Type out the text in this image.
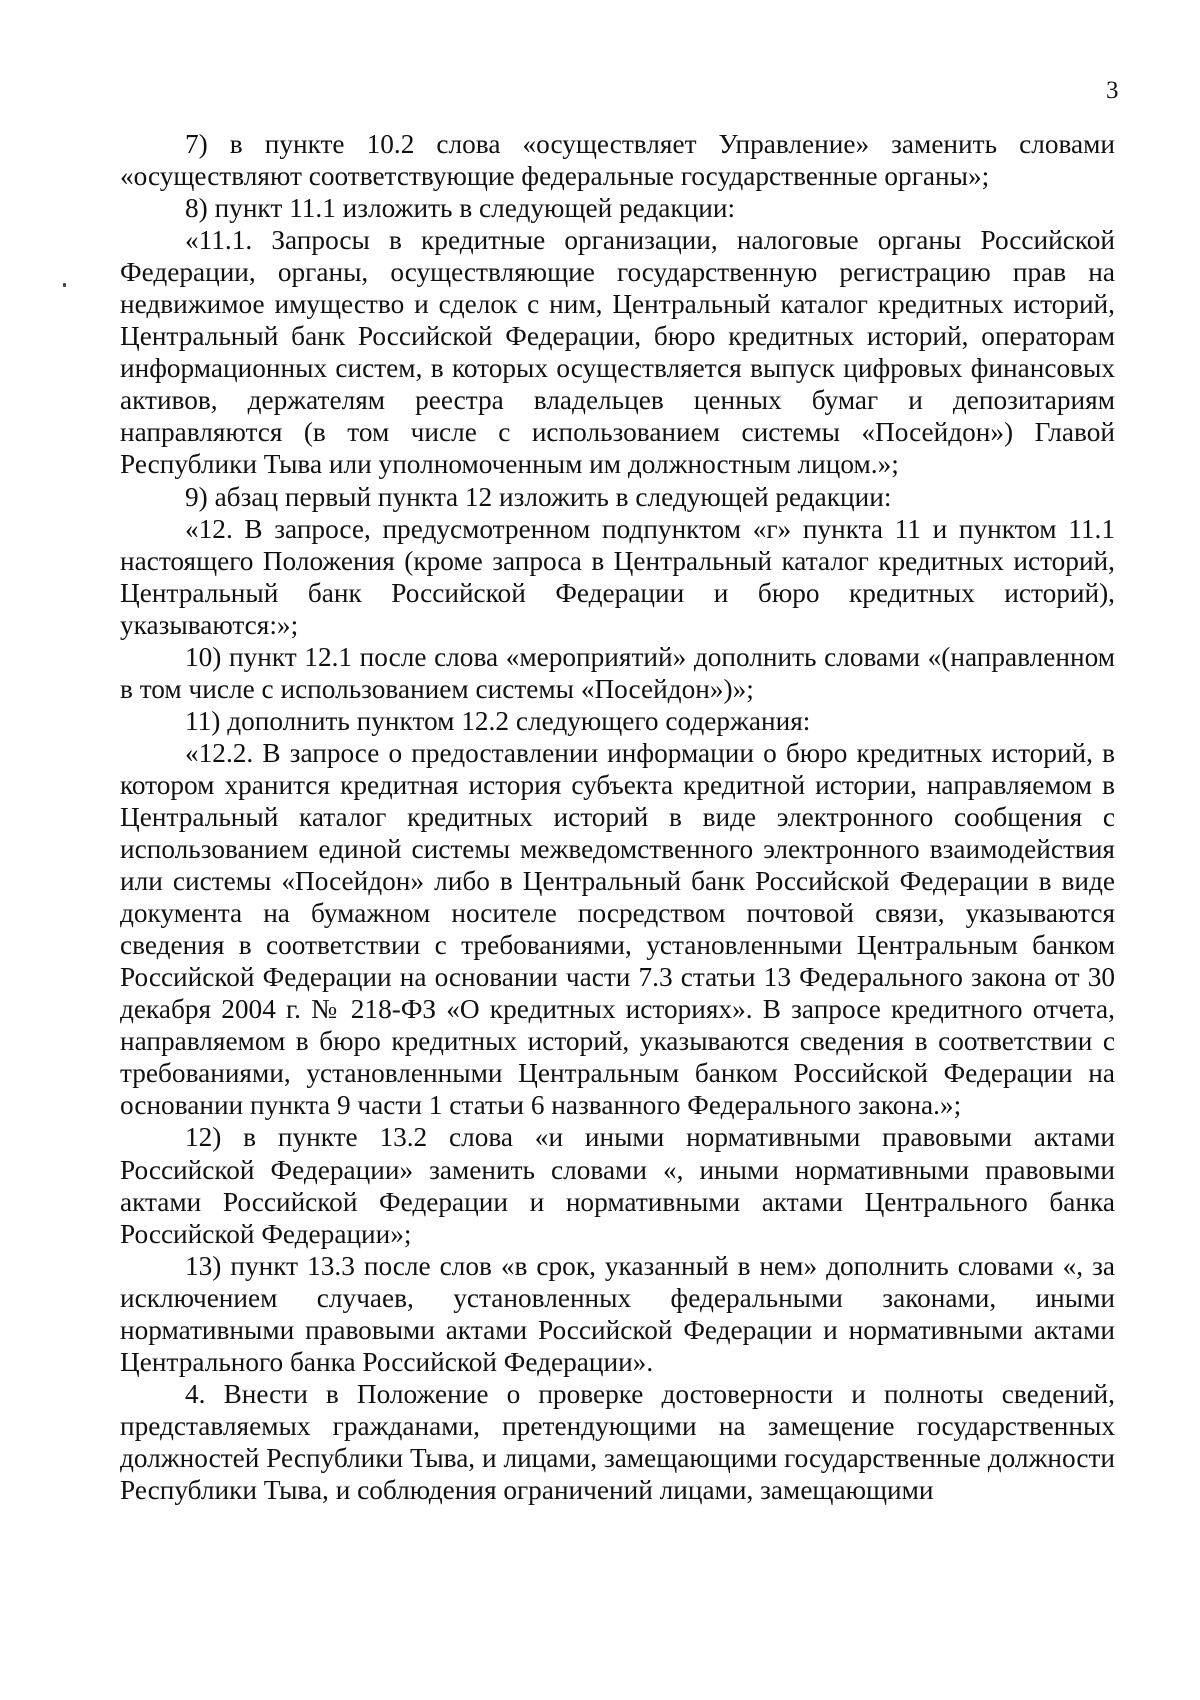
3

7) в пункте 10.2 слова «осуществляет Управление» заменить словами «осуществляют соответствующие федеральные государственные органы»;

8) пункт 11.1 изложить в следующей редакции:

«11.1. Запросы в кредитные организации, налоговые органы Российской Федерации, органы, осуществляющие государственную регистрацию прав на недвижимое имущество и сделок с ним, Центральный каталог кредитных историй, Центральный банк Российской Федерации, бюро кредитных историй, операторам информационных систем, в которых осуществляется выпуск цифровых финансовых активов, держателям реестра владельцев ценных бумаг и депозитариям направляются (в том числе с использованием системы «Посейдон») Главой Республики Тыва или уполномоченным им должностным лицом.»;

9) абзац первый пункта 12 изложить в следующей редакции:

«12. В запросе, предусмотренном подпунктом «г» пункта 11 и пунктом 11.1 настоящего Положения (кроме запроса в Центральный каталог кредитных историй, Центральный банк Российской Федерации и бюро кредитных историй), указываются:»;

10) пункт 12.1 после слова «мероприятий» дополнить словами «(направленном в том числе с использованием системы «Посейдон»)»;

11) дополнить пунктом 12.2 следующего содержания:

«12.2. В запросе о предоставлении информации о бюро кредитных историй, в котором хранится кредитная история субъекта кредитной истории, направляемом в Центральный каталог кредитных историй в виде электронного сообщения с использованием единой системы межведомственного электронного взаимодействия или системы «Посейдон» либо в Центральный банк Российской Федерации в виде документа на бумажном носителе посредством почтовой связи, указываются сведения в соответствии с требованиями, установленными Центральным банком Российской Федерации на основании части 7.3 статьи 13 Федерального закона от 30 декабря 2004 г. № 218-ФЗ «О кредитных историях». В запросе кредитного отчета, направляемом в бюро кредитных историй, указываются сведения в соответствии с требованиями, установленными Центральным банком Российской Федерации на основании пункта 9 части 1 статьи 6 названного Федерального закона.»;

12) в пункте 13.2 слова «и иными нормативными правовыми актами Российской Федерации» заменить словами «, иными нормативными правовыми актами Российской Федерации и нормативными актами Центрального банка Российской Федерации»;

13) пункт 13.3 после слов «в срок, указанный в нем» дополнить словами «, за исключением случаев, установленных федеральными законами, иными нормативными правовыми актами Российской Федерации и нормативными актами Центрального банка Российской Федерации».

4. Внести в Положение о проверке достоверности и полноты сведений, представляемых гражданами, претендующими на замещение государственных должностей Республики Тыва, и лицами, замещающими государственные должности Республики Тыва, и соблюдения ограничений лицами, замещающими
